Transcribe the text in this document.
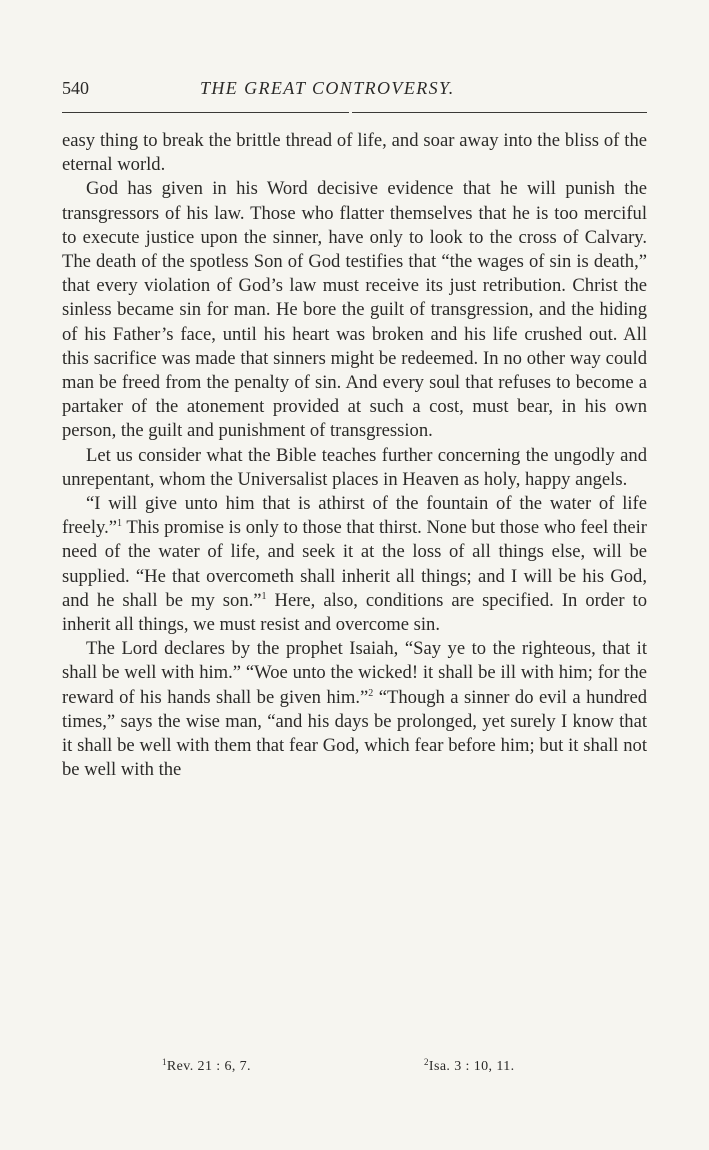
540	THE GREAT CONTROVERSY.

easy thing to break the brittle thread of life, and soar away into the bliss of the eternal world.

God has given in his Word decisive evidence that he will punish the transgressors of his law. Those who flatter themselves that he is too merciful to execute justice upon the sinner, have only to look to the cross of Calvary. The death of the spotless Son of God testifies that “the wages of sin is death,” that every violation of God’s law must receive its just retribution. Christ the sinless became sin for man. He bore the guilt of transgression, and the hiding of his Father’s face, until his heart was broken and his life crushed out. All this sacrifice was made that sinners might be redeemed. In no other way could man be freed from the penalty of sin. And every soul that refuses to become a partaker of the atonement provided at such a cost, must bear, in his own person, the guilt and punishment of transgression.

Let us consider what the Bible teaches further concerning the ungodly and unrepentant, whom the Universalist places in Heaven as holy, happy angels.

“I will give unto him that is athirst of the fountain of the water of life freely.”$^1$ This promise is only to those that thirst. None but those who feel their need of the water of life, and seek it at the loss of all things else, will be supplied. “He that overcometh shall inherit all things; and I will be his God, and he shall be my son.”$^1$ Here, also, conditions are specified. In order to inherit all things, we must resist and overcome sin.

The Lord declares by the prophet Isaiah, “Say ye to the righteous, that it shall be well with him.” “Woe unto the wicked! it shall be ill with him; for the reward of his hands shall be given him.”$^2$ “Though a sinner do evil a hundred times,” says the wise man, “and his days be prolonged, yet surely I know that it shall be well with them that fear God, which fear before him; but it shall not be well with the

$^1$Rev. 21 : 6, 7.	$^2$Isa. 3 : 10, 11.
